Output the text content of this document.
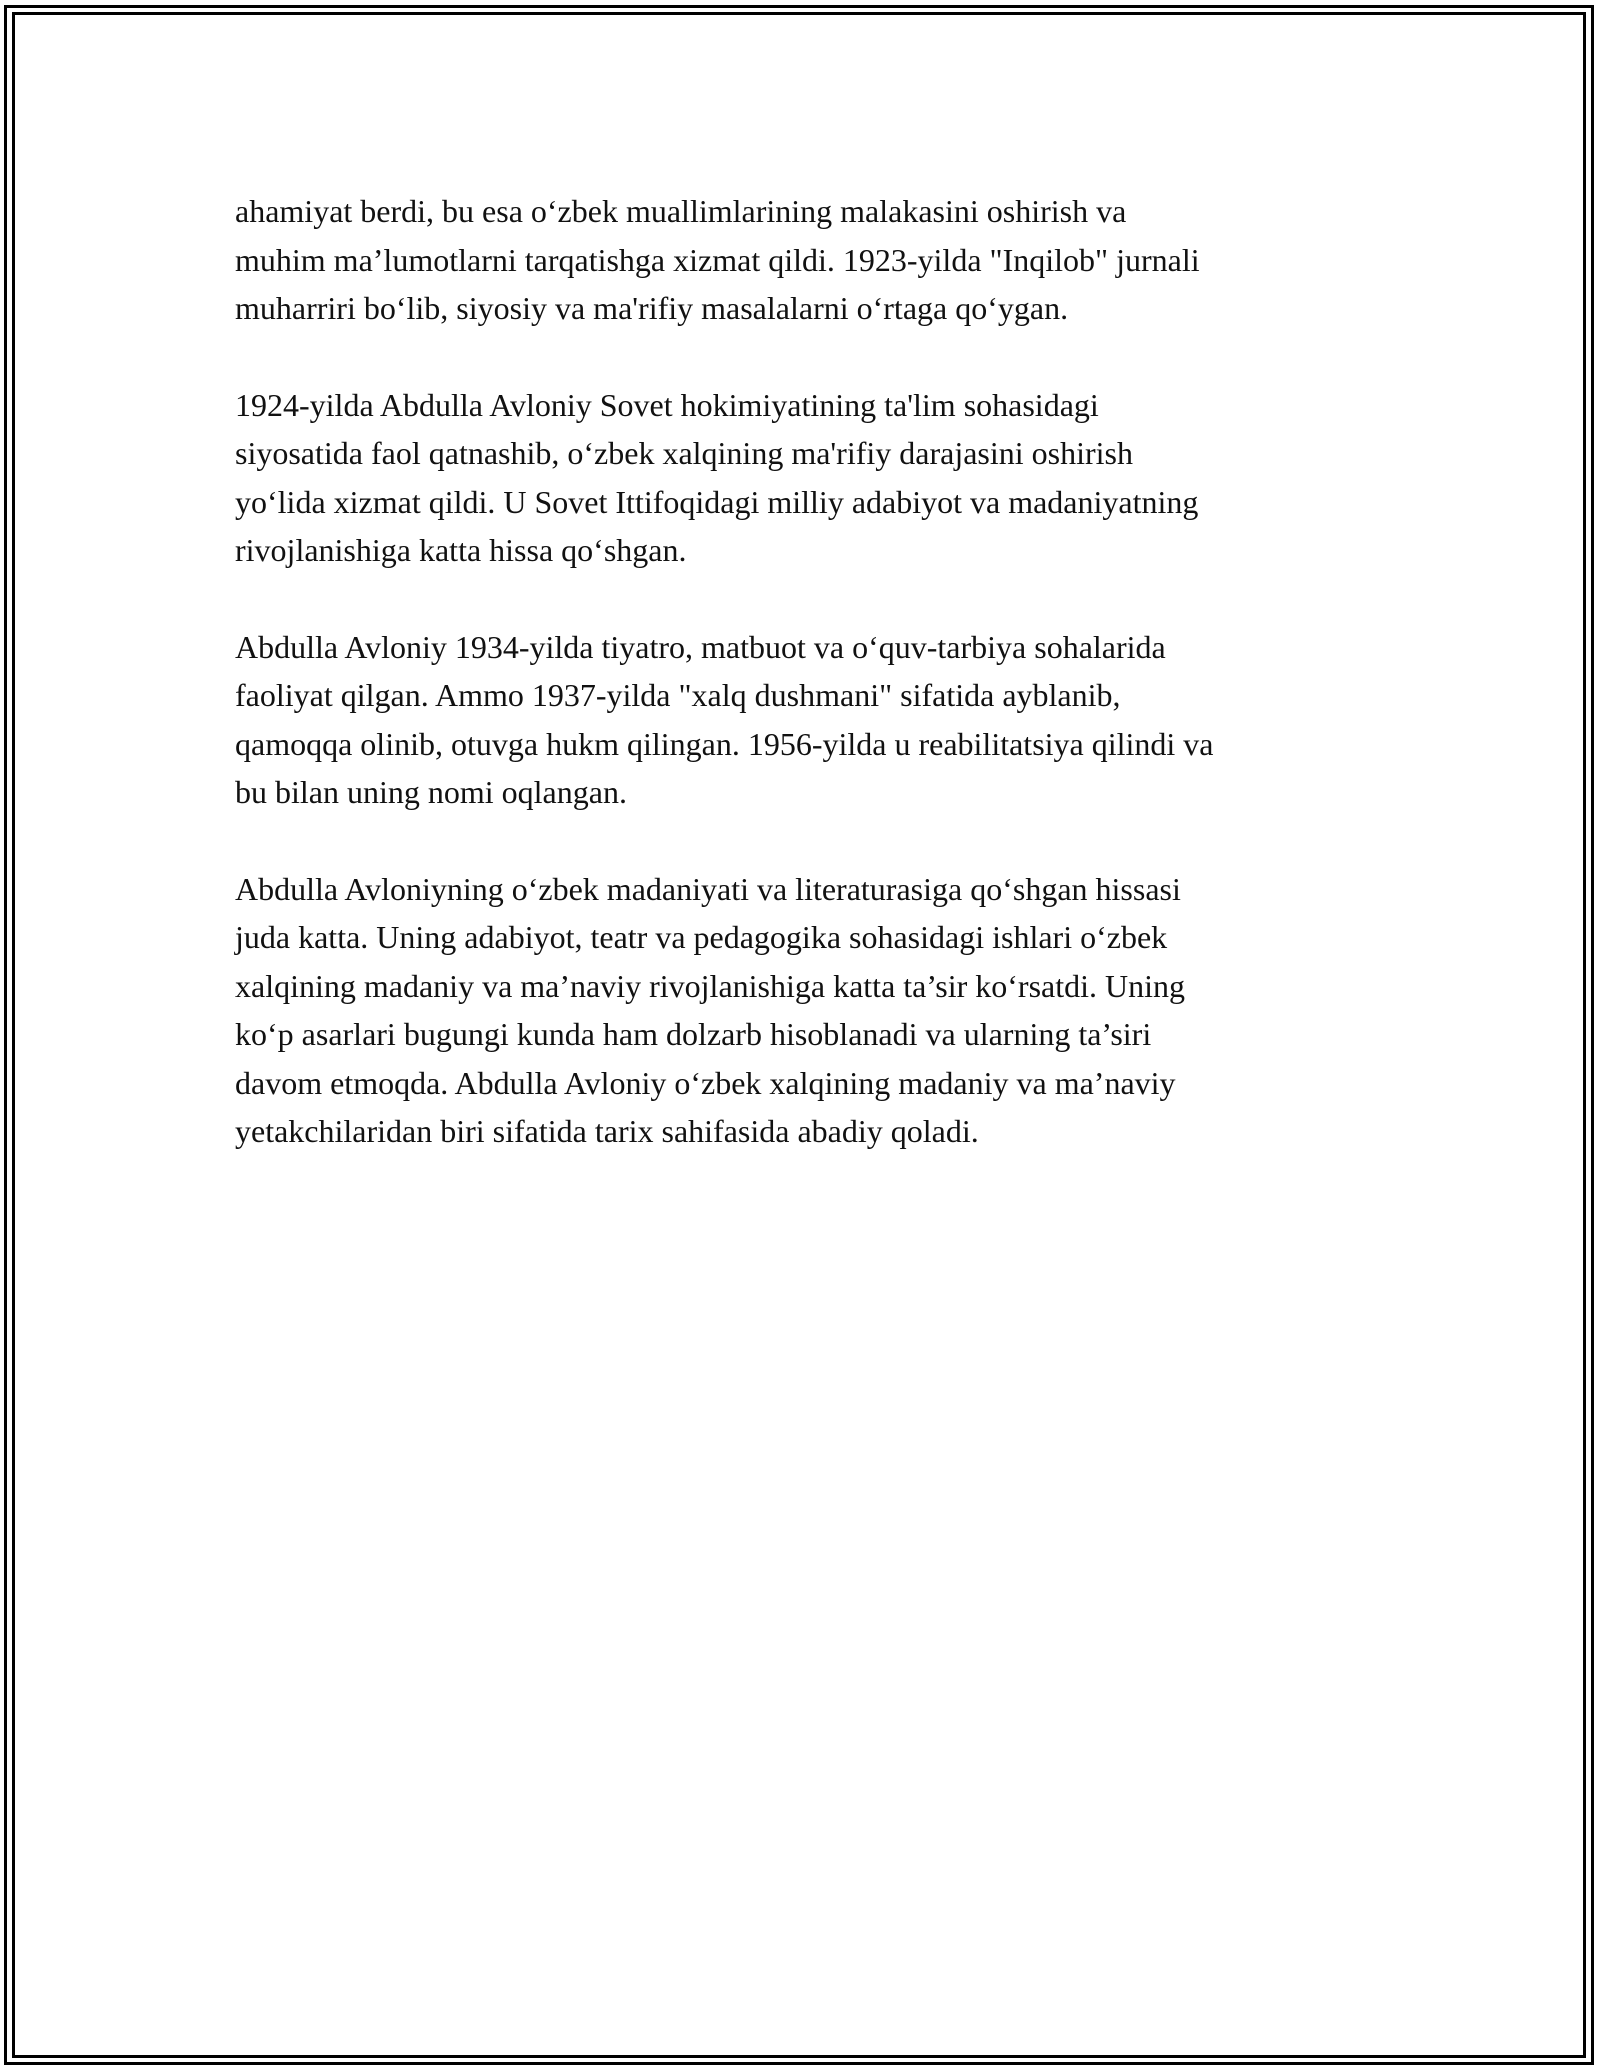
ahamiyat berdi, bu esa o‘zbek muallimlarining malakasini oshirish va
muhim ma’lumotlarni tarqatishga xizmat qildi. 1923-yilda "Inqilob" jurnali
muharriri bo‘lib, siyosiy va ma'rifiy masalalarni o‘rtaga qo‘ygan.

1924-yilda Abdulla Avloniy Sovet hokimiyatining ta'lim sohasidagi
siyosatida faol qatnashib, o‘zbek xalqining ma'rifiy darajasini oshirish
yo‘lida xizmat qildi. U Sovet Ittifoqidagi milliy adabiyot va madaniyatning
rivojlanishiga katta hissa qo‘shgan.

Abdulla Avloniy 1934-yilda tiyatro, matbuot va o‘quv-tarbiya sohalarida
faoliyat qilgan. Ammo 1937-yilda "xalq dushmani" sifatida ayblanib,
qamoqqa olinib, otuvga hukm qilingan. 1956-yilda u reabilitatsiya qilindi va
bu bilan uning nomi oqlangan.

Abdulla Avloniyning o‘zbek madaniyati va literaturasiga qo‘shgan hissasi
juda katta. Uning adabiyot, teatr va pedagogika sohasidagi ishlari o‘zbek
xalqining madaniy va ma’naviy rivojlanishiga katta ta’sir ko‘rsatdi. Uning
ko‘p asarlari bugungi kunda ham dolzarb hisoblanadi va ularning ta’siri
davom etmoqda. Abdulla Avloniy o‘zbek xalqining madaniy va ma’naviy
yetakchilaridan biri sifatida tarix sahifasida abadiy qoladi.
